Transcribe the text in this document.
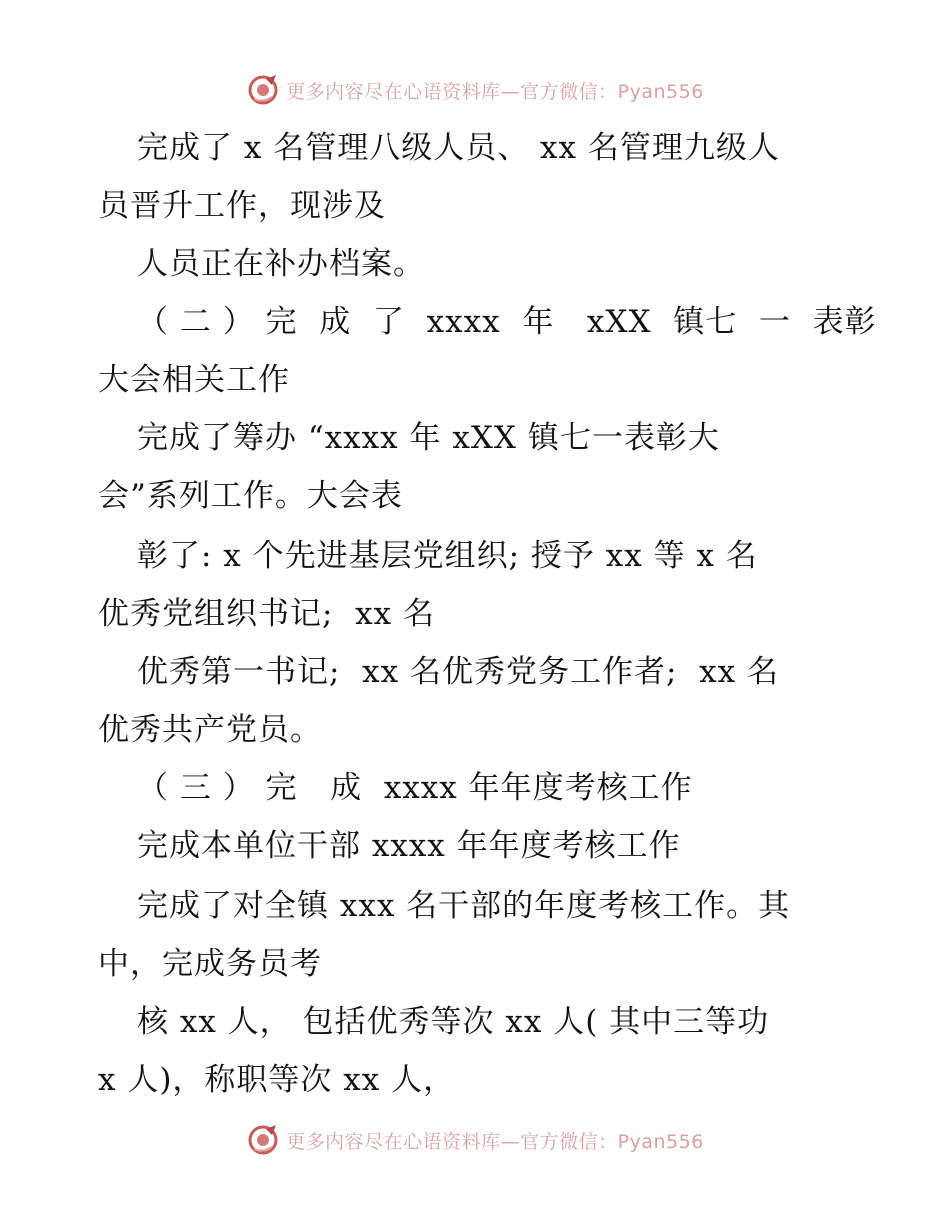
更多内容尽在心语资料库—官方微信：Pyan556
完成了 x 名管理八级人员、 xx 名管理九级人
员晋升工作，现涉及
人员正在补办档案。
（ 二 ） 完  成  了  xxxx  年   xXX  镇七  一  表彰
大会相关工作
完成了筹办 “xxxx 年 xXX 镇七一表彰大
会”系列工作。大会表
彰了: x 个先进基层党组织; 授予 xx 等 x 名
优秀党组织书记;  xx 名
优秀第一书记;  xx 名优秀党务工作者;  xx 名
优秀共产党员。
（ 三 ） 完   成  xxxx 年年度考核工作
完成本单位干部 xxxx 年年度考核工作
完成了对全镇 xxx 名干部的年度考核工作。其
中，完成务员考
核 xx 人， 包括优秀等次 xx 人( 其中三等功
x 人)，称职等次 xx 人，
更多内容尽在心语资料库—官方微信：Pyan556
